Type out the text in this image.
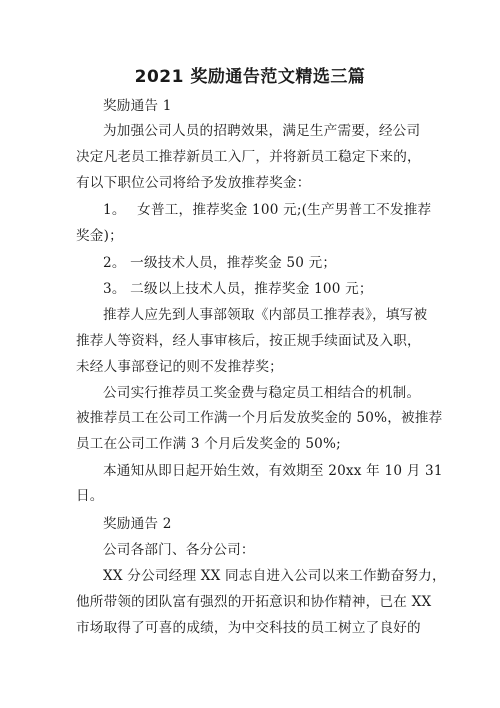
2021 奖励通告范文精选三篇
奖励通告 1
为加强公司人员的招聘效果，满足生产需要，经公司
决定凡老员工推荐新员工入厂，并将新员工稳定下来的，
有以下职位公司将给予发放推荐奖金：
1。　 女普工，推荐奖金 100 元;(生产男普工不发推荐
奖金)；
2。 一级技术人员，推荐奖金 50 元；
3。 二级以上技术人员，推荐奖金 100 元；
推荐人应先到人事部领取《内部员工推荐表》，填写被
推荐人等资料，经人事审核后，按正规手续面试及入职，
未经人事部登记的则不发推荐奖；
公司实行推荐员工奖金费与稳定员工相结合的机制。
被推荐员工在公司工作满一个月后发放奖金的 50%，被推荐
员工在公司工作满 3 个月后发奖金的 50%;
本通知从即日起开始生效，有效期至 20xx 年 10 月 31
日。
奖励通告 2
公司各部门、各分公司：
XX 分公司经理 XX 同志自进入公司以来工作勤奋努力，
他所带领的团队富有强烈的开拓意识和协作精神，已在 XX
市场取得了可喜的成绩，为中交科技的员工树立了良好的
